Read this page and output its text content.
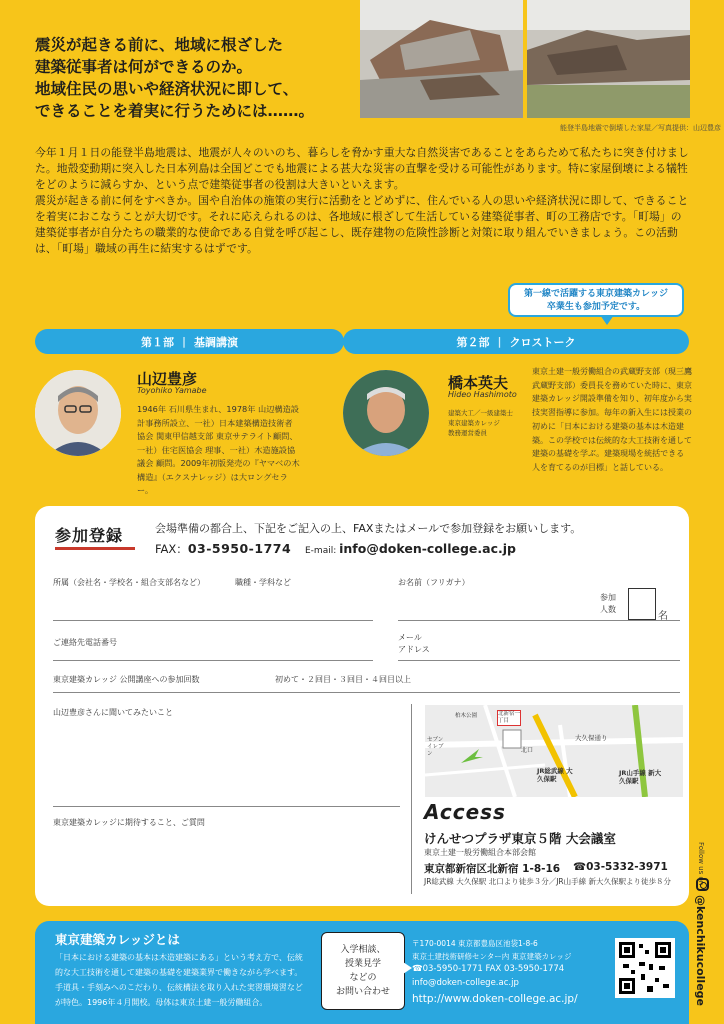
能登半島地震で倒壊した家屋／写真提供：山辺豊彦
震災が起きる前に、地域に根ざした
建築従事者は何ができるのか。
地域住民の思いや経済状況に即して、
できることを着実に行うためには……。

今年１月１日の能登半島地震は、地震が人々のいのち、暮らしを脅かす重大な自然災害であることをあらためて私たちに突き付けました。地殻変動期に突入した日本列島は全国どこでも地震による甚大な災害の直撃を受ける可能性があります。特に家屋倒壊による犠牲をどのように減らすか、という点で建築従事者の役割は大きいといえます。

震災が起きる前に何をすべきか。国や自治体の施策の実行に活動をとどめずに、住んでいる人の思いや経済状況に即して、できることを着実におこなうことが大切です。それに応えられるのは、各地域に根ざして生活している建築従事者、町の工務店です。「町場」の建築従事者が自分たちの職業的な使命である自覚を呼び起こし、既存建物の危険性診断と対策に取り組んでいきましょう。この活動は、「町場」職域の再生に結実するはずです。

第一線で活躍する東京建築カレッジ
卒業生も参加予定です。
第１部 | 基調講演	第２部 | クロストーク
山辺豊彦
Toyohiko Yamabe
1946年 石川県生まれ、1978年 山辺構造設計事務所設立、一社）日本建築構造技術者協会 関東甲信越支部 東京サテライト顧問、一社）住宅医協会 理事、一社）木造施設協議会 顧問。2009年初版発売の『ヤマベの木構造』（エクスナレッジ）は大ロングセラー。
橋本英夫
Hideo Hashimoto
建築大工／一級建築士
東京建築カレッジ
教務運営委員
東京土建一般労働組合の武蔵野支部（現三鷹武蔵野支部）委員長を務めていた時に、東京建築カレッジ開設準備を知り、初年度から実技実習指導に参加。毎年の新入生には授業の初めに「日本における建築の基本は木造建築。この学校では伝統的な大工技術を通して建築の基礎を学ぶ。建築現場を統括できる人を育てるのが目標」と話している。
参加登録	会場準備の都合上、下記をご記入の上、FAXまたはメールで参加登録をお願いします。
FAX：03-5950-1774 E-mail: info@doken-college.ac.jp
所属（会社名・学校名・組合支部名など）	職種・学科など	お名前（フリガナ）
参加
人数
名
ご連絡先電話番号
メール
アドレス
東京建築カレッジ 公開講座への参加回数	初めて・２回目・３回目・４回目以上
山辺豊彦さんに聞いてみたいこと
東京建築カレッジに期待すること、ご質問
柏木公園	北新宿一丁目
セブンイレブン	北口
大久保通り
JR総武線 大久保駅
JR山手線 新大久保駅
Access
けんせつプラザ東京５階 大会議室
東京土建一般労働組合本部会館
東京都新宿区北新宿 1-8-16 ☎03-5332-3971
JR総武線 大久保駅 北口より徒歩３分／JR山手線 新大久保駅より徒歩８分	Follow us on
@kenchikucollege
東京建築カレッジとは
「日本における建築の基本は木造建築にある」という考え方で、伝統的な大工技術を通して建築の基礎を建築業界で働きながら学べます。手道具・手刻みへのこだわり、伝統構法を取り入れた実習環境習などが特色。1996年４月開校。母体は東京土建一般労働組合。
入学相談、
授業見学
などの
お問い合わせ
〒170-0014 東京都豊島区池袋1-8-6
東京土建技術研修センター内 東京建築カレッジ
☎03-5950-1771 FAX 03-5950-1774
info@doken-college.ac.jp
http://www.doken-college.ac.jp/
